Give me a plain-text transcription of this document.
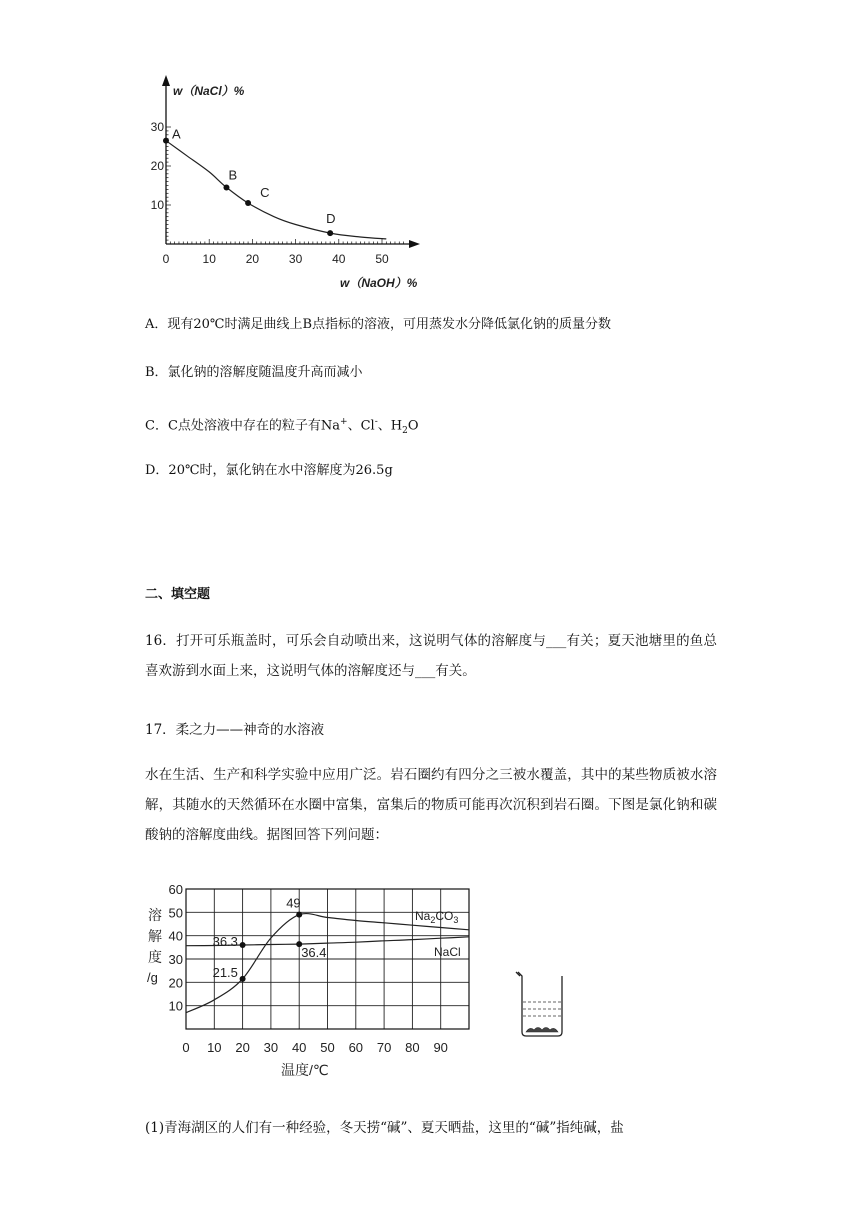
0	10 20 30 40 50
10
20
30 A
B
C
D
w（NaCl）%
w（NaOH）%
A．现有20℃时满足曲线上B点指标的溶液，可用蒸发水分降低氯化钠的质量分数
B．氯化钠的溶解度随温度升高而减小
C．C点处溶液中存在的粒子有Na+、Cl-、$H_2O$
D．20℃时，氯化钠在水中溶解度为26.5g
二、填空题
16．打开可乐瓶盖时，可乐会自动喷出来，这说明气体的溶解度与___有关；夏天池塘里的鱼总喜欢游到水面上来，这说明气体的溶解度还与___有关。
17．柔之力——神奇的水溶液
水在生活、生产和科学实验中应用广泛。岩石圈约有四分之三被水覆盖，其中的某些物质被水溶解，其随水的天然循环在水圈中富集，富集后的物质可能再次沉积到岩石圈。下图是氯化钠和碳酸钠的溶解度曲线。据图回答下列问题：
0 10 20 30 40 50 60 70 80 90
10
20
30
40
50
60
36.3
21.5
49
36.4
$Na_2CO_3$
NaCl
溶
解
度
/g
温度/℃
(1)青海湖区的人们有一种经验，冬天捞“碱”、夏天晒盐，这里的“碱”指纯碱，盐
